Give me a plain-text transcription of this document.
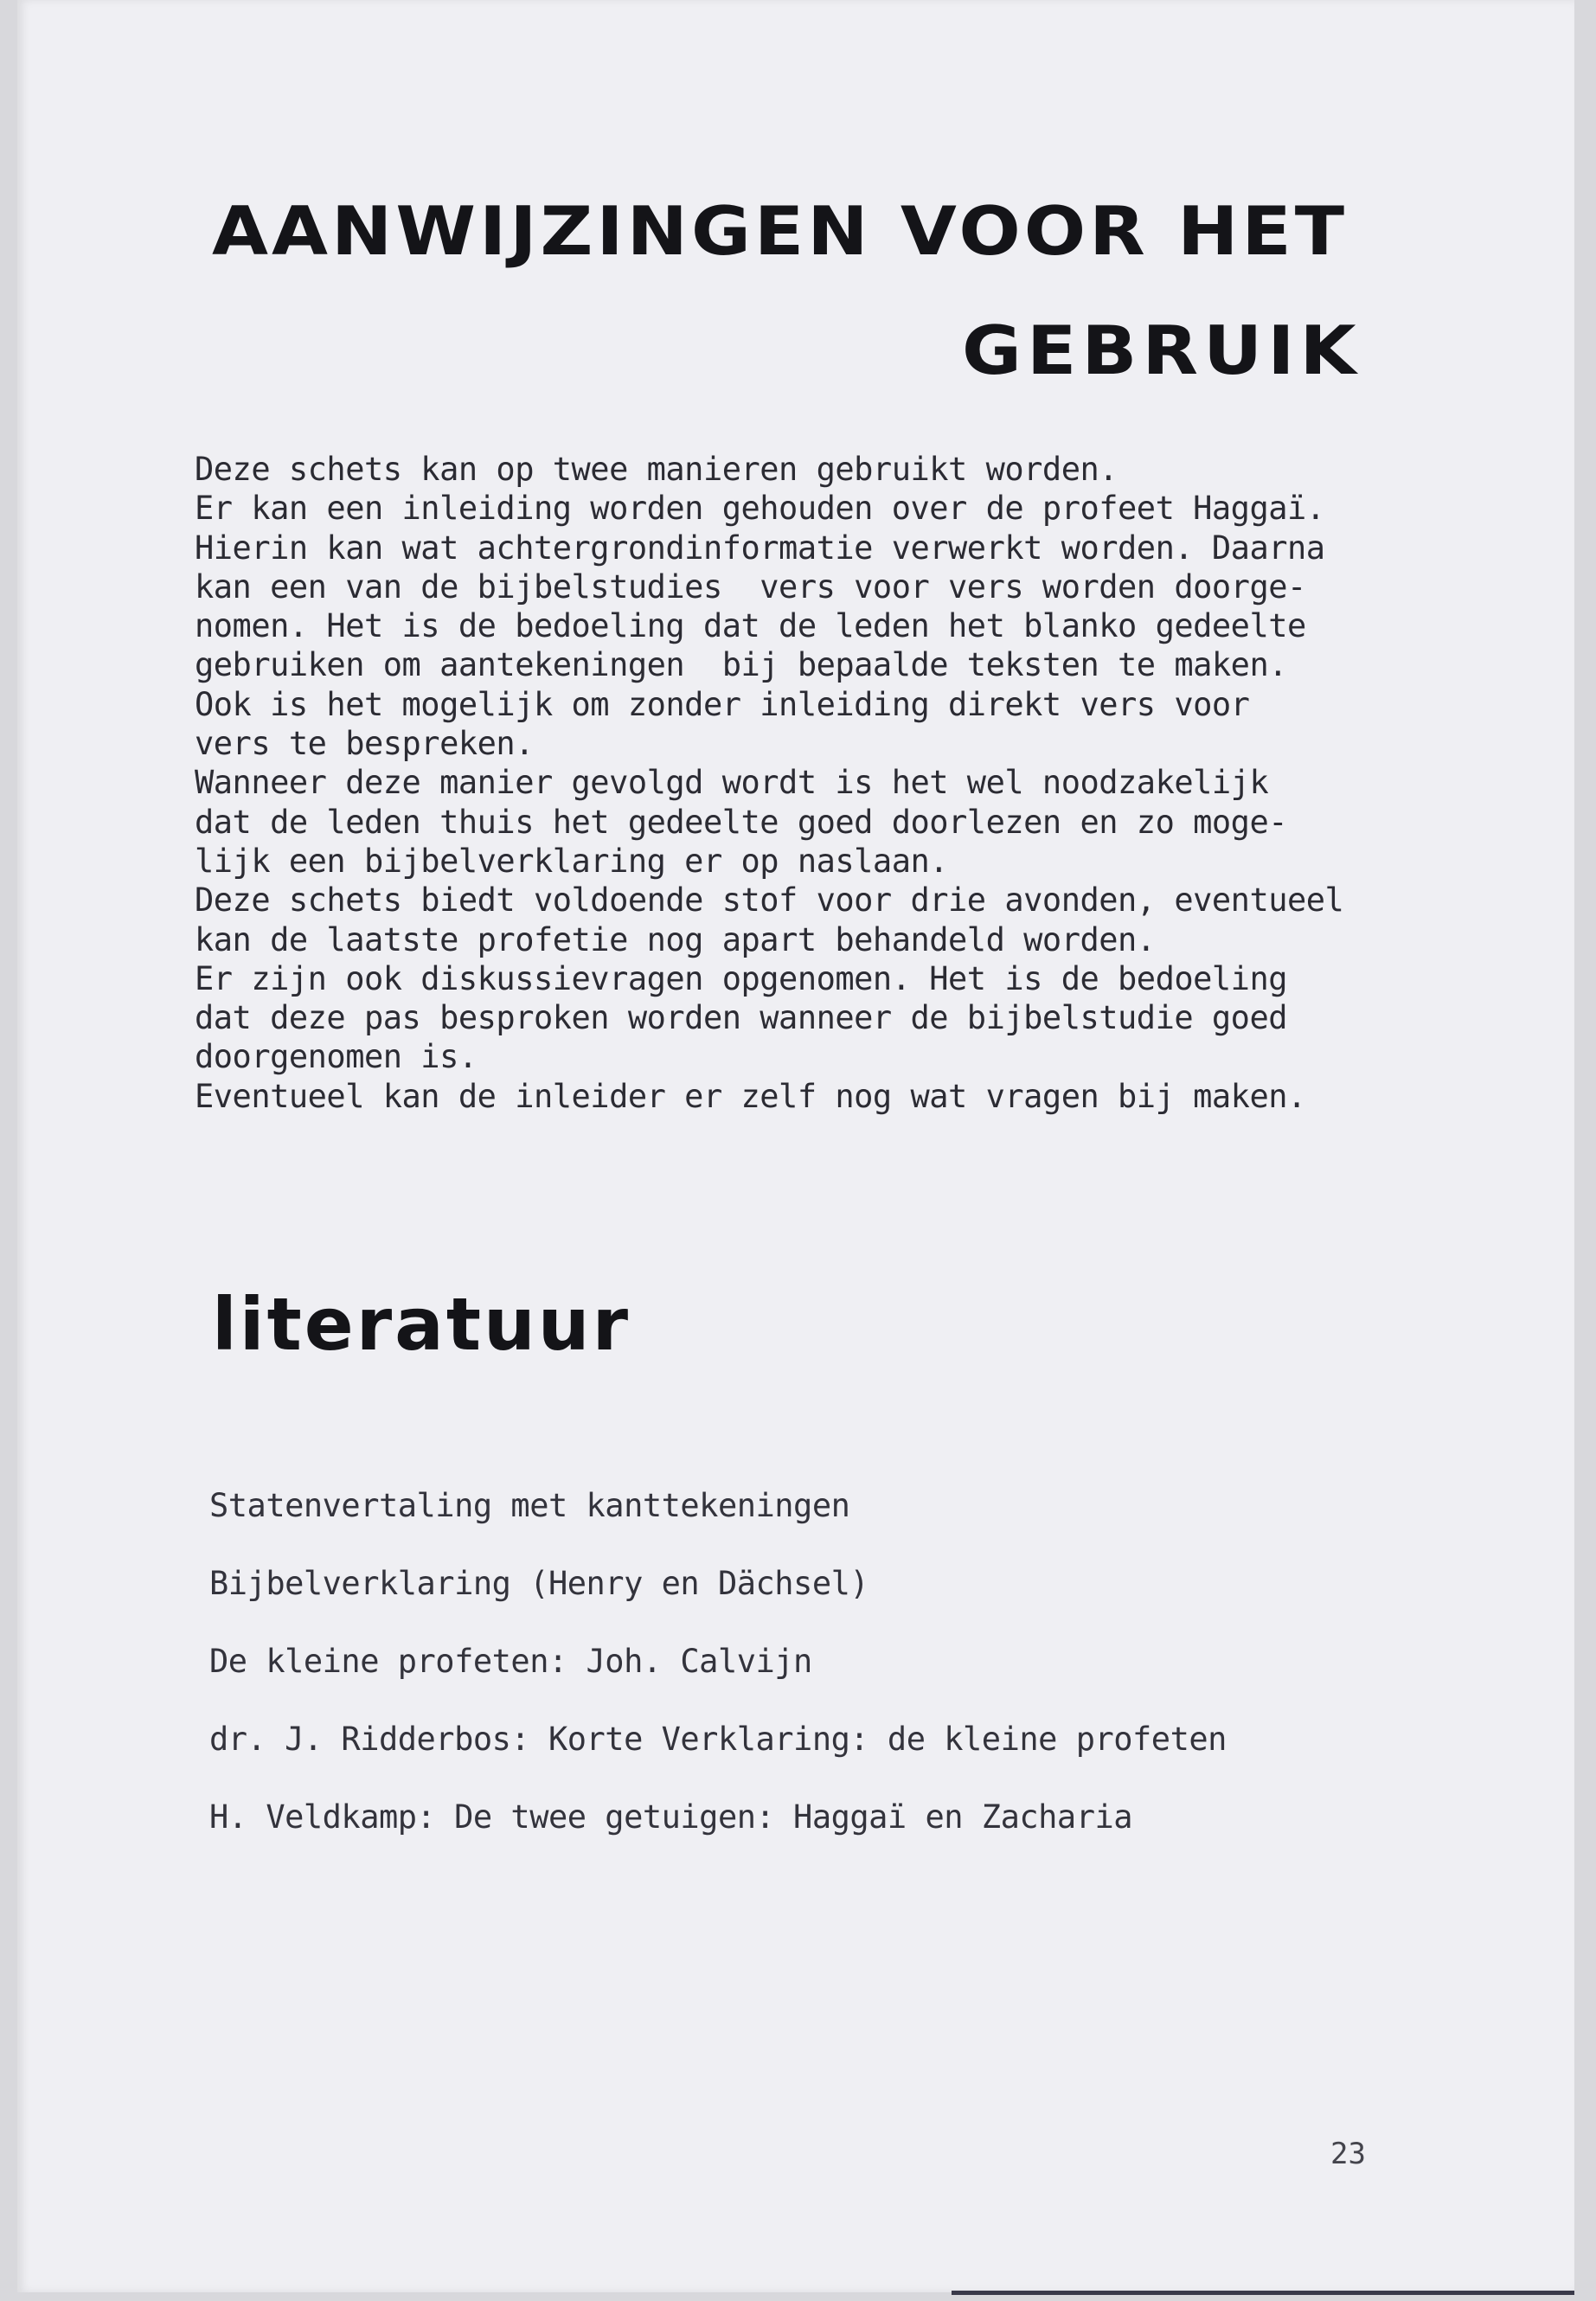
AANWIJZINGEN VOOR HET
GEBRUIK

Deze schets kan op twee manieren gebruikt worden.
Er kan een inleiding worden gehouden over de profeet Haggaï.
Hierin kan wat achtergrondinformatie verwerkt worden. Daarna
kan een van de bijbelstudies  vers voor vers worden doorge-
nomen. Het is de bedoeling dat de leden het blanko gedeelte
gebruiken om aantekeningen  bij bepaalde teksten te maken.
Ook is het mogelijk om zonder inleiding direkt vers voor
vers te bespreken.
Wanneer deze manier gevolgd wordt is het wel noodzakelijk
dat de leden thuis het gedeelte goed doorlezen en zo moge-
lijk een bijbelverklaring er op naslaan.
Deze schets biedt voldoende stof voor drie avonden, eventueel
kan de laatste profetie nog apart behandeld worden.
Er zijn ook diskussievragen opgenomen. Het is de bedoeling
dat deze pas besproken worden wanneer de bijbelstudie goed
doorgenomen is.
Eventueel kan de inleider er zelf nog wat vragen bij maken.

literatuur
Statenvertaling met kanttekeningen
Bijbelverklaring (Henry en Dächsel)
De kleine profeten: Joh. Calvijn
dr. J. Ridderbos: Korte Verklaring: de kleine profeten
H. Veldkamp: De twee getuigen: Haggaï en Zacharia
23
